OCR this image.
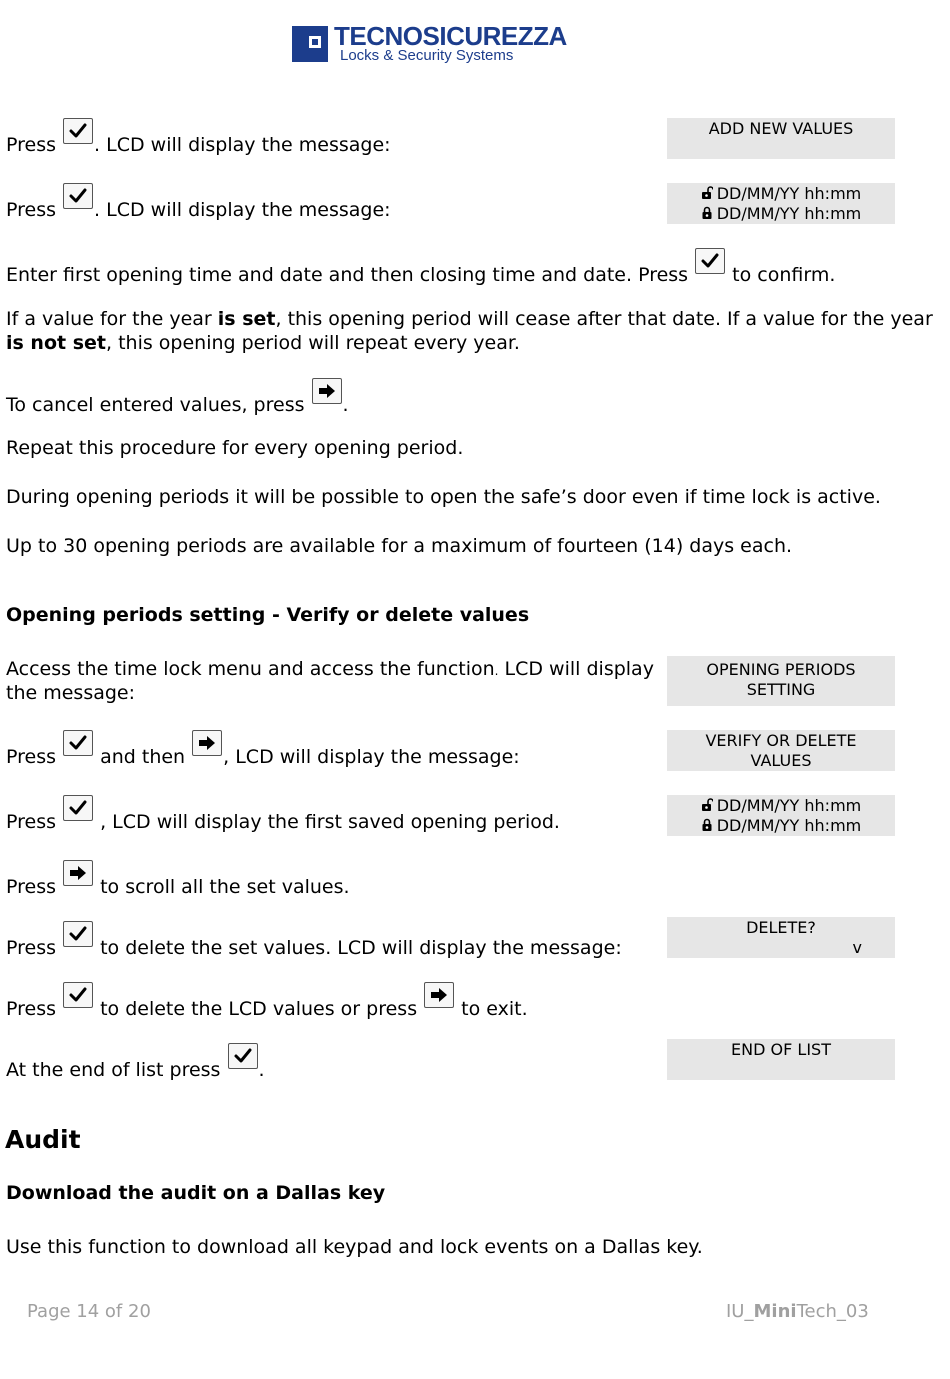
TECNOSICUREZZA
Locks & Security Systems
Press
. LCD will display the message:
ADD NEW VALUES
Press
. LCD will display the message:
DD/MM/YY hh:mm
DD/MM/YY hh:mm
Enter first opening time and date and then closing time and date. Press
to confirm.
If a value for the year is set, this opening period will cease after that date. If a value for the year
is not set, this opening period will repeat every year.
To cancel entered values, press
.
Repeat this procedure for every opening period.
During opening periods it will be possible to open the safe’s door even if time lock is active.
Up to 30 opening periods are available for a maximum of fourteen (14) days each.
Opening periods setting - Verify or delete values
Access the time lock menu and access the function. LCD will display
the message:
OPENING PERIODS
SETTING
Press
and then
, LCD will display the message:
VERIFY OR DELETE
VALUES
Press
, LCD will display the first saved opening period.
DD/MM/YY hh:mm
DD/MM/YY hh:mm
Press
to scroll all the set values.
Press
to delete the set values. LCD will display the message:
DELETE?
v
Press
to delete the LCD values or press
to exit.
At the end of list press
.
END OF LIST
Audit
Download the audit on a Dallas key
Use this function to download all keypad and lock events on a Dallas key.
Page 14 of 20	IU_MiniTech_03
